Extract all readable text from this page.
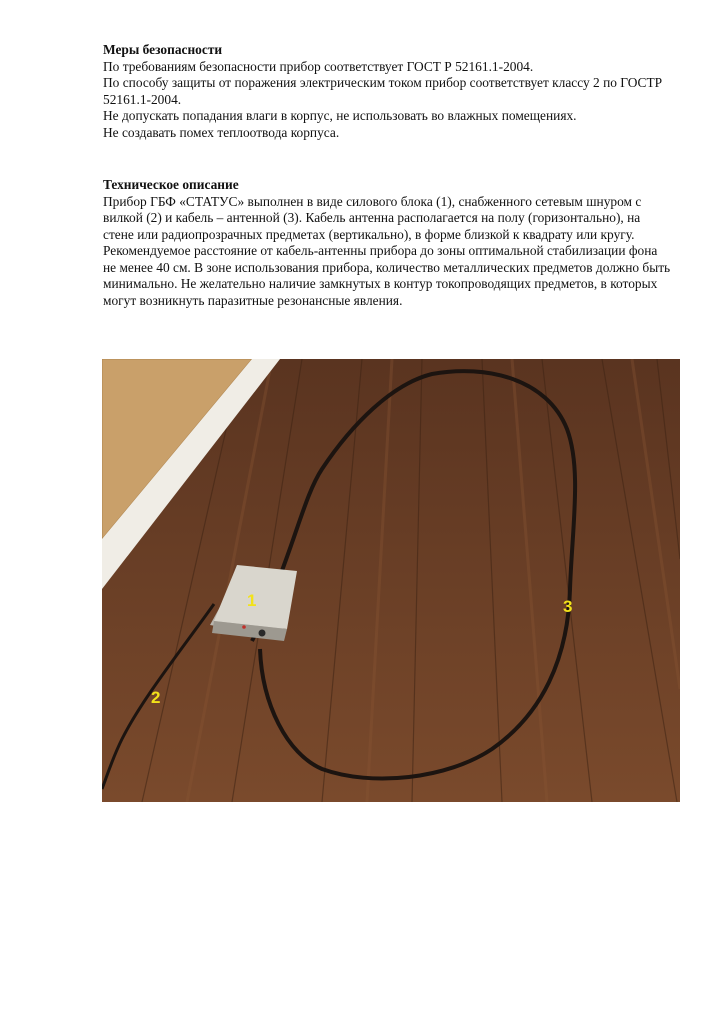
Меры безопасности

По требованиям безопасности прибор соответствует ГОСТ Р 52161.1-2004.

По способу защиты от поражения электрическим током прибор соответствует классу 2 по ГОСТР 52161.1-2004.

Не допускать попадания влаги в корпус, не использовать во влажных помещениях.

Не создавать помех теплоотвода корпуса.

Техническое описание

Прибор ГБФ «СТАТУС» выполнен в виде силового блока (1), снабженного сетевым шнуром с вилкой (2) и кабель – антенной (3). Кабель антенна располагается на полу (горизонтально), на стене или радиопрозрачных предметах (вертикально), в форме близкой к квадрату или кругу.

Рекомендуемое расстояние от кабель-антенны прибора до зоны оптимальной стабилизации фона не менее 40 см. В зоне использования прибора, количество металлических предметов должно быть минимально. Не желательно наличие замкнутых в контур токопроводящих предметов, в которых могут возникнуть паразитные резонансные явления.

1
2
3
